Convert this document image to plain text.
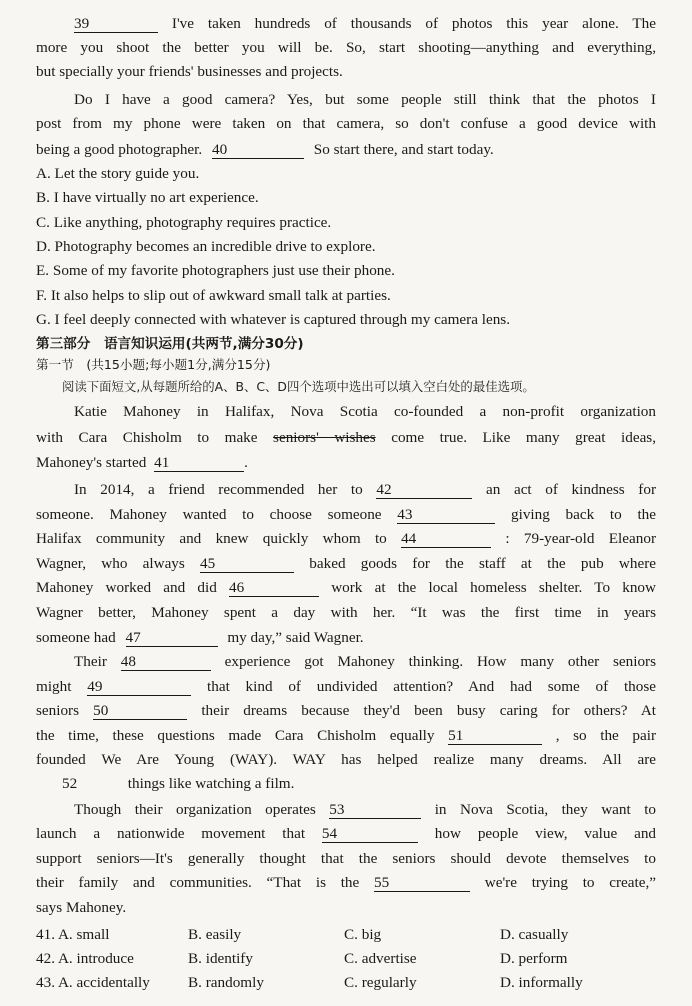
39	I've taken hundreds of thousands of photos this year alone. The
more you shoot the better you will be. So, start shooting—anything and everything,
but specially your friends' businesses and projects.
Do I have a good camera? Yes, but some people still think that the photos I
post from my phone were taken on that camera, so don't confuse a good device with
being a good photographer. 40	So start there, and start today.
A. Let the story guide you.
B. I have virtually no art experience.
C. Like anything, photography requires practice.
D. Photography becomes an incredible drive to explore.
E. Some of my favorite photographers just use their phone.
F. It also helps to slip out of awkward small talk at parties.
G. I feel deeply connected with whatever is captured through my camera lens.
第三部分　语言知识运用(共两节,满分30分)
第一节　(共15小题;每小题1分,满分15分)
阅读下面短文,从每题所给的A、B、C、D四个选项中选出可以填入空白处的最佳选项。
Katie Mahoney in Halifax, Nova Scotia co-founded a non-profit organization
with Cara Chisholm to make seniors' wishes come true. Like many great ideas,
Mahoney's started 41	.
In 2014, a friend recommended her to 42	an act of kindness for
someone. Mahoney wanted to choose someone 43	giving back to the
Halifax community and knew quickly whom to 44	: 79-year-old Eleanor
Wagner, who always 45	baked goods for the staff at the pub where
Mahoney worked and did 46	work at the local homeless shelter. To know
Wagner better, Mahoney spent a day with her. “It was the first time in years
someone had 47	my day,” said Wagner.
Their 48	experience got Mahoney thinking. How many other seniors
might 49	that kind of undivided attention? And had some of those
seniors 50	their dreams because they'd been busy caring for others? At
the time, these questions made Cara Chisholm equally 51	, so the pair
founded We Are Young (WAY). WAY has helped realize many dreams. All are
52	things like watching a film.
Though their organization operates 53	in Nova Scotia, they want to
launch a nationwide movement that 54	how people view, value and
support seniors—It's generally thought that the seniors should devote themselves to
their family and communities. “That is the 55	we're trying to create,”
says Mahoney.
41. A. small	B. easily	C. big	D. casually
42. A. introduce	B. identify	C. advertise	D. perform
43. A. accidentally	B. randomly	C. regularly	D. informally
